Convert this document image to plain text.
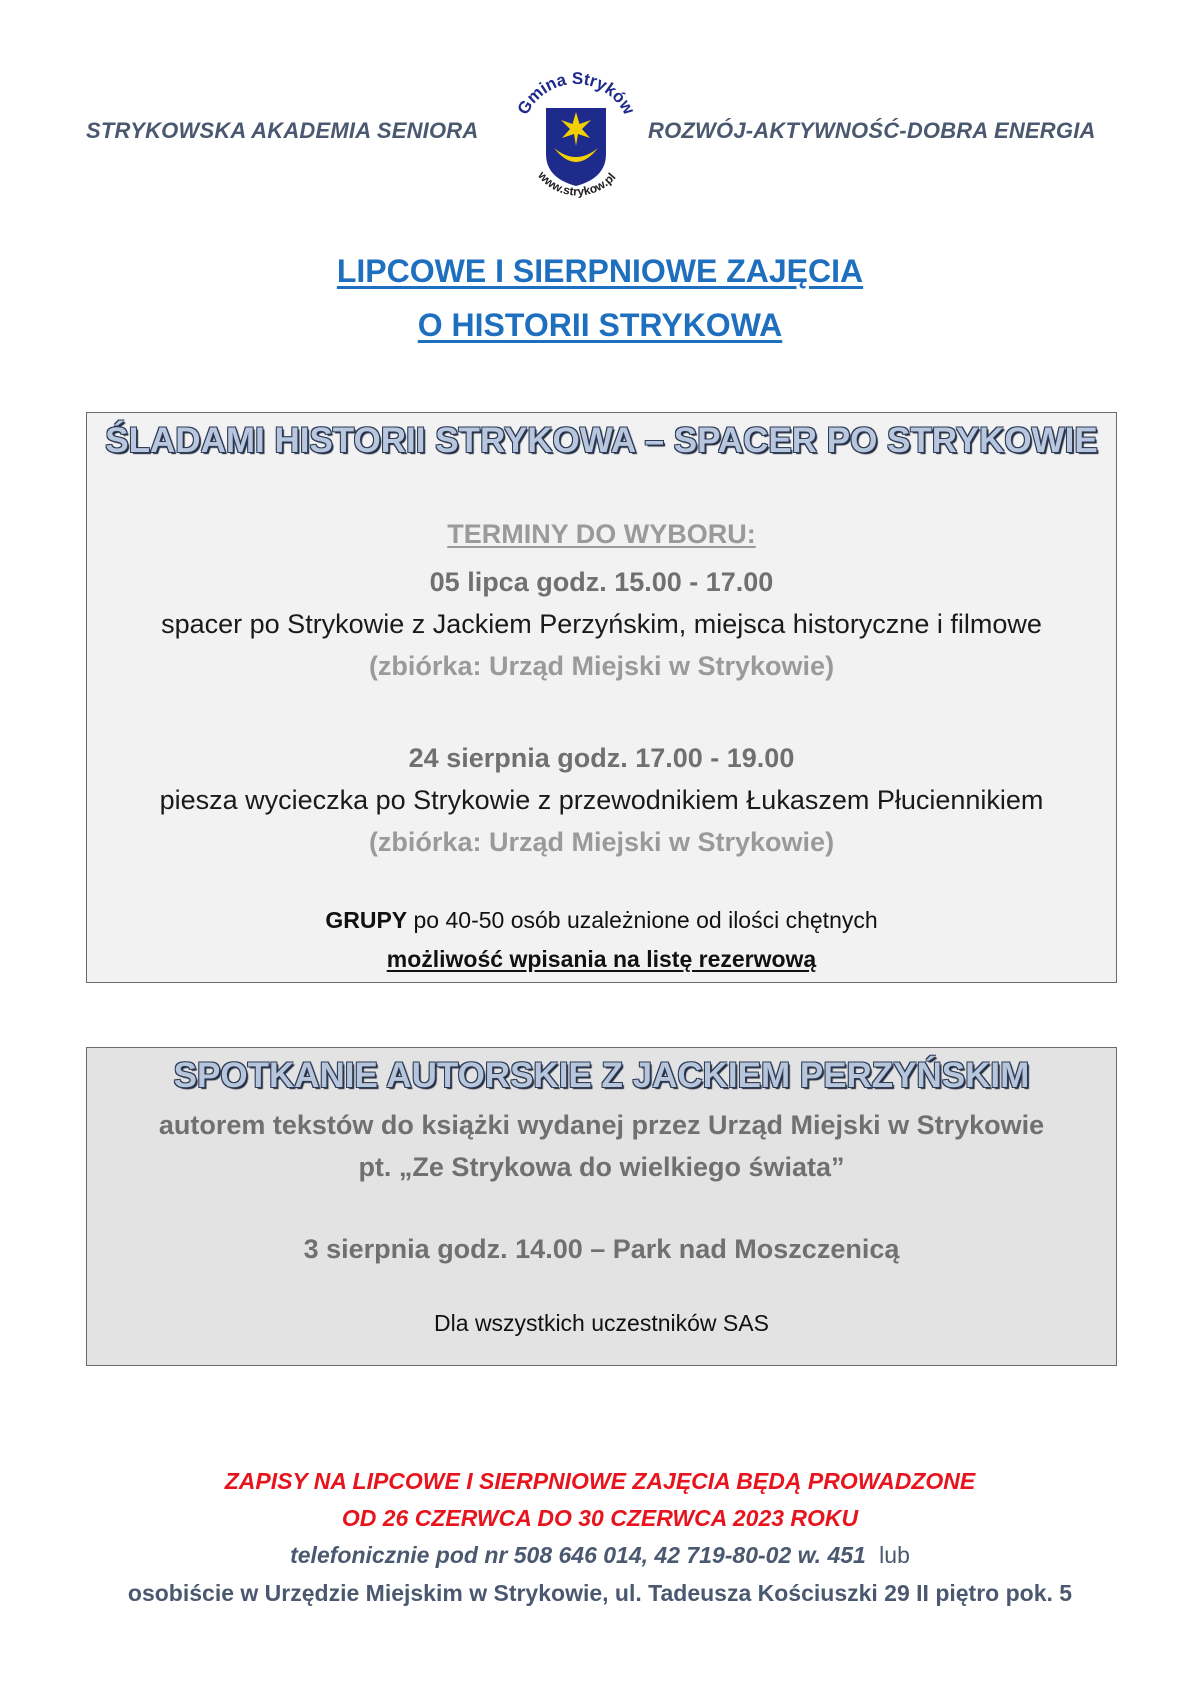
STRYKOWSKA AKADEMIA SENIORA
Gmina Stryków
www.strykow.pl
ROZWÓJ-AKTYWNOŚĆ-DOBRA ENERGIA
LIPCOWE I SIERPNIOWE ZAJĘCIA
O HISTORII STRYKOWA
ŚLADAMI HISTORII STRYKOWA – SPACER PO STRYKOWIE
TERMINY DO WYBORU:
05 lipca godz. 15.00 - 17.00
spacer po Strykowie z Jackiem Perzyńskim, miejsca historyczne i filmowe
(zbiórka: Urząd Miejski w Strykowie)
24 sierpnia godz. 17.00 - 19.00
piesza wycieczka po Strykowie z przewodnikiem Łukaszem Płuciennikiem
(zbiórka: Urząd Miejski w Strykowie)
GRUPY po 40-50 osób uzależnione od ilości chętnych
możliwość wpisania na listę rezerwową
SPOTKANIE AUTORSKIE Z JACKIEM PERZYŃSKIM
autorem tekstów do książki wydanej przez Urząd Miejski w Strykowie
pt. „Ze Strykowa do wielkiego świata”
3 sierpnia godz. 14.00 – Park nad Moszczenicą
Dla wszystkich uczestników SAS
ZAPISY NA LIPCOWE I SIERPNIOWE ZAJĘCIA BĘDĄ PROWADZONE
OD 26 CZERWCA DO 30 CZERWCA 2023 ROKU
telefonicznie pod nr 508 646 014, 42 719-80-02 w. 451 lub
osobiście w Urzędzie Miejskim w Strykowie, ul. Tadeusza Kościuszki 29 II piętro pok. 5
